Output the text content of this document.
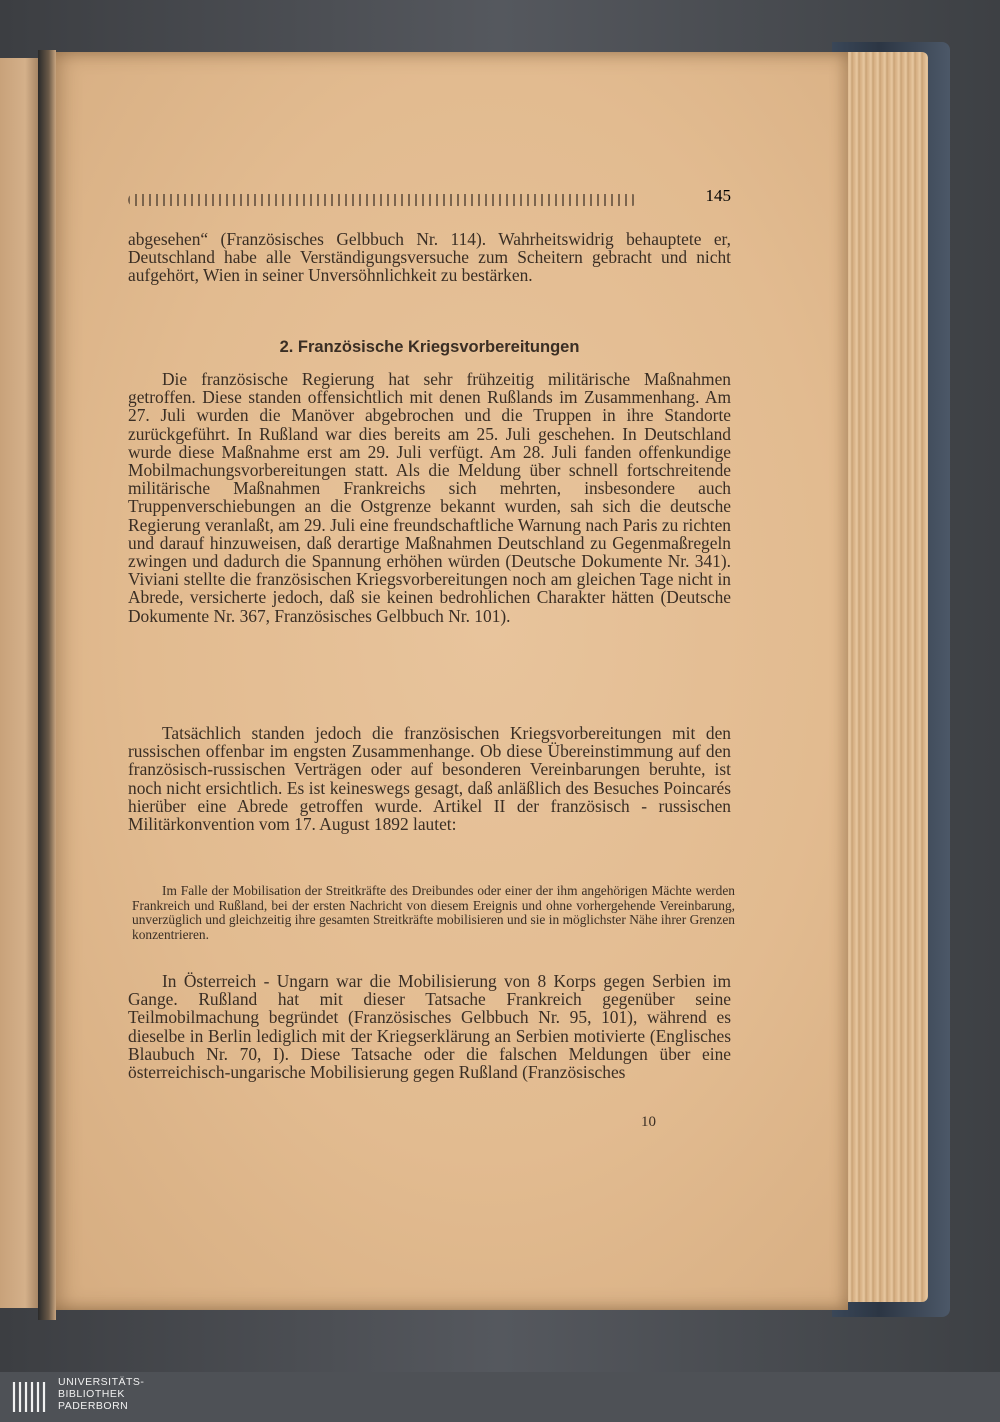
145

abgesehen“ (Französisches Gelbbuch Nr. 114). Wahrheitswidrig behauptete er, Deutschland habe alle Verständigungsversuche zum Scheitern gebracht und nicht aufgehört, Wien in seiner Unversöhnlichkeit zu bestärken.

2. Französische Kriegsvorbereitungen

Die französische Regierung hat sehr frühzeitig militärische Maßnahmen getroffen. Diese standen offensichtlich mit denen Rußlands im Zusammenhang. Am 27. Juli wurden die Manöver abgebrochen und die Truppen in ihre Standorte zurückgeführt. In Rußland war dies bereits am 25. Juli geschehen. In Deutschland wurde diese Maßnahme erst am 29. Juli verfügt. Am 28. Juli fanden offenkundige Mobilmachungsvorbereitungen statt. Als die Meldung über schnell fortschreitende militärische Maßnahmen Frankreichs sich mehrten, insbesondere auch Truppenverschiebungen an die Ostgrenze bekannt wurden, sah sich die deutsche Regierung veranlaßt, am 29. Juli eine freundschaftliche Warnung nach Paris zu richten und darauf hinzuweisen, daß derartige Maßnahmen Deutschland zu Gegenmaßregeln zwingen und dadurch die Spannung erhöhen würden (Deutsche Dokumente Nr. 341). Viviani stellte die französischen Kriegsvorbereitungen noch am gleichen Tage nicht in Abrede, versicherte jedoch, daß sie keinen bedrohlichen Charakter hätten (Deutsche Dokumente Nr. 367, Französisches Gelbbuch Nr. 101).

Tatsächlich standen jedoch die französischen Kriegsvorbereitungen mit den russischen offenbar im engsten Zusammenhange. Ob diese Übereinstimmung auf den französisch-russischen Verträgen oder auf besonderen Vereinbarungen beruhte, ist noch nicht ersichtlich. Es ist keineswegs gesagt, daß anläßlich des Besuches Poincarés hierüber eine Abrede getroffen wurde. Artikel II der französisch - russischen Militärkonvention vom 17. August 1892 lautet:

Im Falle der Mobilisation der Streitkräfte des Dreibundes oder einer der ihm angehörigen Mächte werden Frankreich und Rußland, bei der ersten Nachricht von diesem Ereignis und ohne vorhergehende Vereinbarung, unverzüglich und gleichzeitig ihre gesamten Streitkräfte mobilisieren und sie in möglichster Nähe ihrer Grenzen konzentrieren.

In Österreich - Ungarn war die Mobilisierung von 8 Korps gegen Serbien im Gange. Rußland hat mit dieser Tatsache Frankreich gegenüber seine Teilmobilmachung begründet (Französisches Gelbbuch Nr. 95, 101), während es dieselbe in Berlin lediglich mit der Kriegserklärung an Serbien motivierte (Englisches Blaubuch Nr. 70, I). Diese Tatsache oder die falschen Meldungen über eine österreichisch-ungarische Mobilisierung gegen Rußland (Französisches

10
UNIVERSITÄTS-
BIBLIOTHEK
PADERBORN
